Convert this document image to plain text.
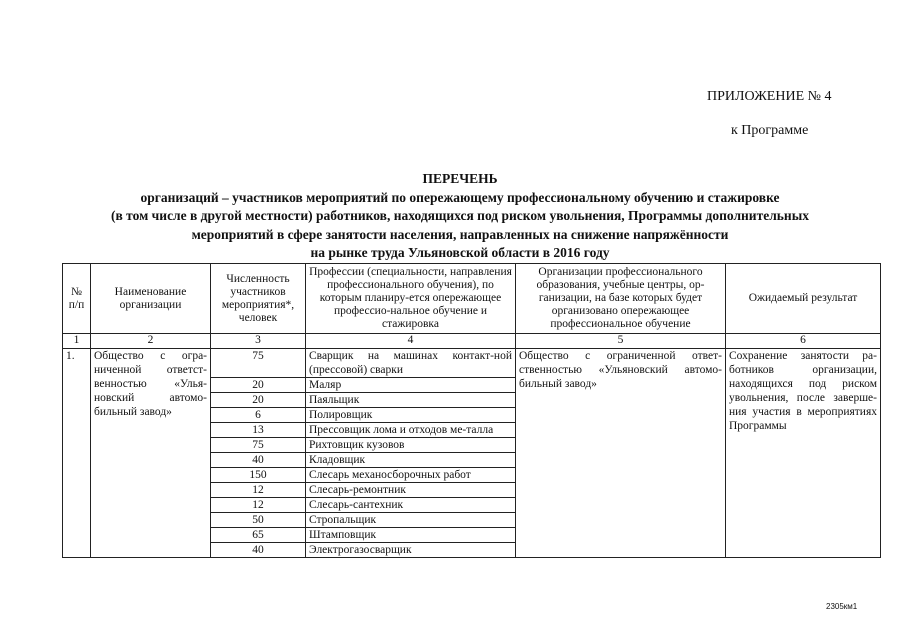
ПРИЛОЖЕНИЕ № 4
к Программе
ПЕРЕЧЕНЬ
организаций – участников мероприятий по опережающему профессиональному обучению и стажировке
(в том числе в другой местности) работников, находящихся под риском увольнения, Программы дополнительных
мероприятий в сфере занятости населения, направленных на снижение напряжённости
на рынке труда Ульяновской области в 2016 году
№ п/п	Наименование организации	Численность участников мероприятия*, человек	Профессии (специальности, направления профессионального обучения), по которым планиру-ется опережающее профессио-нальное обучение и стажировка	Организации профессионального образования, учебные центры, ор-ганизации, на базе которых будет организовано опережающее профессиональное обучение	Ожидаемый результат
1	2	3	4	5	6
1.	Общество с огра-ниченной ответст-венностью «Улья-новский автомо-бильный завод»	75	Сварщик на машинах контакт-ной (прессовой) сварки	Общество с ограниченной ответ-ственностью «Ульяновский автомо-бильный завод»	Сохранение занятости ра-ботников организации, находящихся под риском увольнения, после заверше-ния участия в мероприятиях Программы
		20	Маляр		
		20	Паяльщик		
		6	Полировщик		
		13	Прессовщик лома и отходов ме-талла		
		75	Рихтовщик кузовов		
		40	Кладовщик		
		150	Слесарь механосборочных работ		
		12	Слесарь-ремонтник		
		12	Слесарь-сантехник		
		50	Стропальщик		
		65	Штамповщик		
		40	Электрогазосварщик		
2305км1
